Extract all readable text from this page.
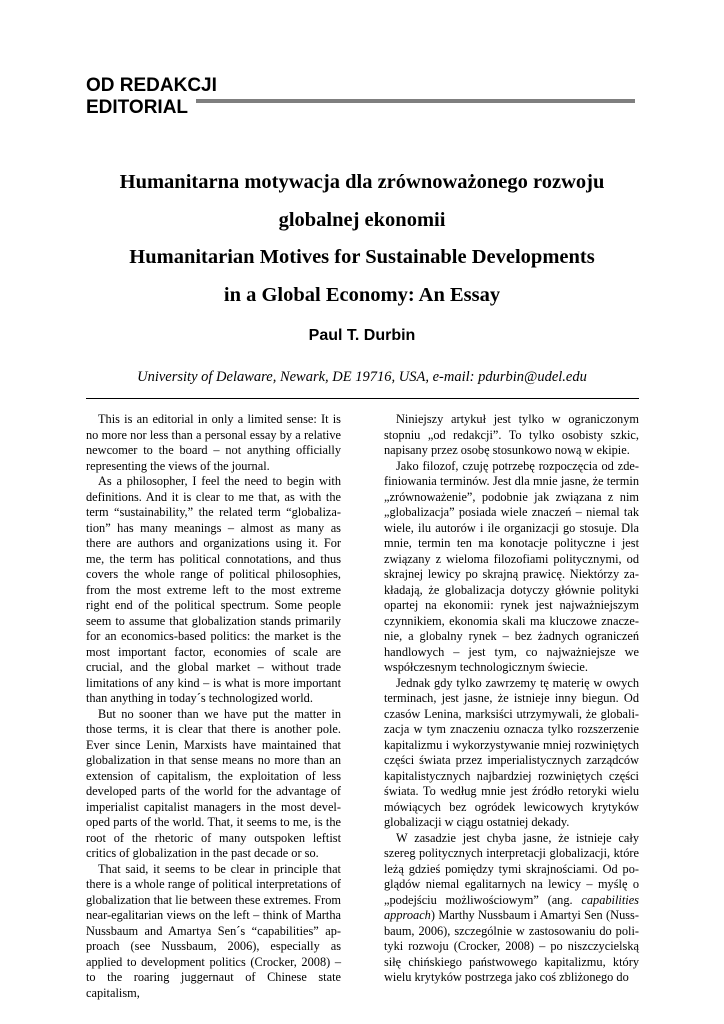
OD REDAKCJI
EDITORIAL
Humanitarna motywacja dla zrównoważonego rozwoju
globalnej ekonomii
Humanitarian Motives for Sustainable Developments
in a Global Economy: An Essay
Paul T. Durbin
University of Delaware, Newark, DE 19716, USA, e-mail: pdurbin@udel.edu

This is an editorial in only a limited sense: It is no more nor less than a personal essay by a relative newcomer to the board – not anything officially representing the views of the journal.

As a philosopher, I feel the need to begin with definitions. And it is clear to me that, as with the term “sustainability,” the related term “globalization” has many meanings – almost as many as there are authors and organizations using it. For me, the term has political connotations, and thus covers the whole range of political philosophies, from the most extreme left to the most extreme right end of the political spectrum. Some people seem to assume that globalization stands primarily for an economics-based politics: the market is the most important factor, economies of scale are crucial, and the global market – without trade limitations of any kind – is what is more important than anything in today´s technologized world.

But no sooner than we have put the matter in those terms, it is clear that there is another pole. Ever since Lenin, Marxists have maintained that globalization in that sense means no more than an extension of capitalism, the exploitation of less developed parts of the world for the advantage of imperialist capitalist managers in the most developed parts of the world. That, it seems to me, is the root of the rhetoric of many outspoken leftist critics of globalization in the past decade or so.

That said, it seems to be clear in principle that there is a whole range of political interpretations of globalization that lie between these extremes. From near-egalitarian views on the left – think of Martha Nussbaum and Amartya Sen´s “capabilities” approach (see Nussbaum, 2006), especially as applied to development politics (Crocker, 2008) – to the roaring juggernaut of Chinese state capitalism,

Niniejszy artykuł jest tylko w ograniczonym stopniu „od redakcji”. To tylko osobisty szkic, napisany przez osobę stosunkowo nową w ekipie.

Jako filozof, czuję potrzebę rozpoczęcia od zdefiniowania terminów. Jest dla mnie jasne, że termin „zrównoważenie”, podobnie jak związana z nim „globalizacja” posiada wiele znaczeń – niemal tak wiele, ilu autorów i ile organizacji go stosuje. Dla mnie, termin ten ma konotacje polityczne i jest związany z wieloma filozofiami politycznymi, od skrajnej lewicy po skrajną prawicę. Niektórzy zakładają, że globalizacja dotyczy głównie polityki opartej na ekonomii: rynek jest najważniejszym czynnikiem, ekonomia skali ma kluczowe znaczenie, a globalny rynek – bez żadnych ograniczeń handlowych – jest tym, co najważniejsze we współczesnym technologicznym świecie.

Jednak gdy tylko zawrzemy tę materię w owych terminach, jest jasne, że istnieje inny biegun. Od czasów Lenina, marksiści utrzymywali, że globalizacja w tym znaczeniu oznacza tylko rozszerzenie kapitalizmu i wykorzystywanie mniej rozwiniętych części świata przez imperialistycznych zarządców kapitalistycznych najbardziej rozwiniętych części świata. To według mnie jest źródło retoryki wielu mówiących bez ogródek lewicowych krytyków globalizacji w ciągu ostatniej dekady.

W zasadzie jest chyba jasne, że istnieje cały szereg politycznych interpretacji globalizacji, które leżą gdzieś pomiędzy tymi skrajnościami. Od poglądów niemal egalitarnych na lewicy – myślę o „podejściu możliwościowym” (ang. capabilities approach) Marthy Nussbaum i Amartyi Sen (Nussbaum, 2006), szczególnie w zastosowaniu do polityki rozwoju (Crocker, 2008) – po niszczycielską siłę chińskiego państwowego kapitalizmu, który wielu krytyków postrzega jako coś zbliżonego do
